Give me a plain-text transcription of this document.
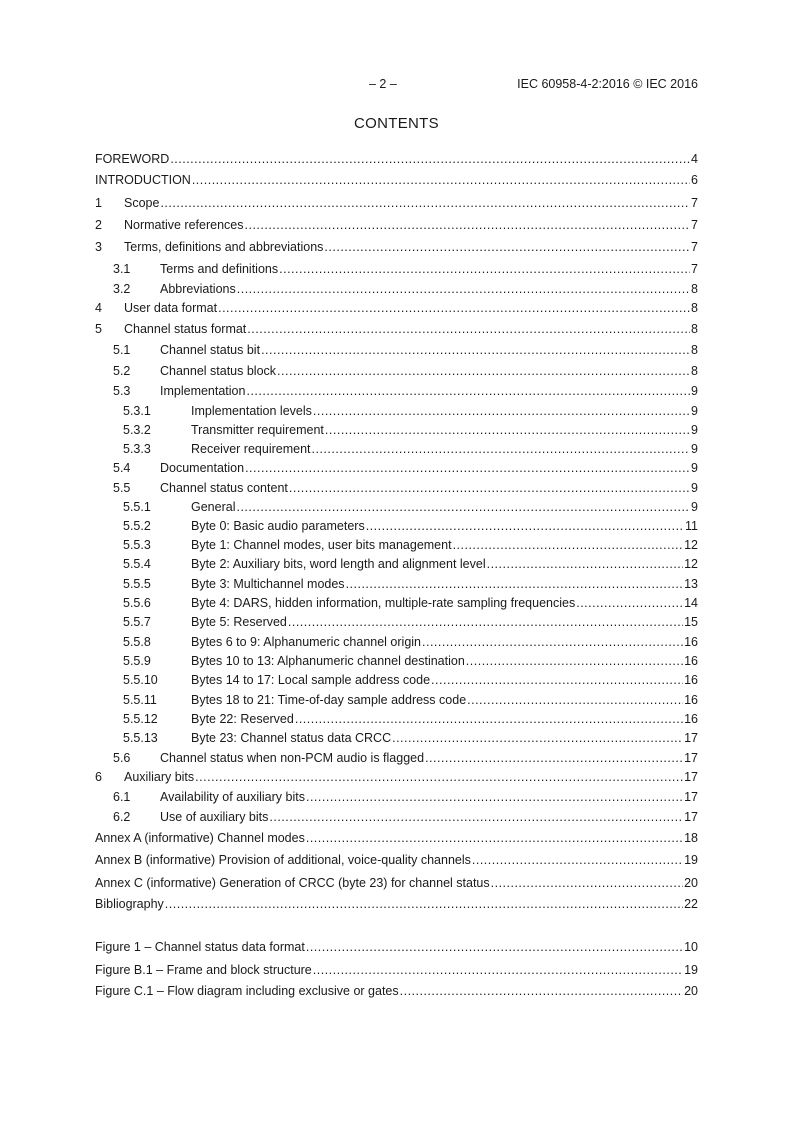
– 2 –	IEC 60958-4-2:2016 © IEC 2016
CONTENTS
FOREWORD .....	4
INTRODUCTION .....	6
1 Scope .....	7
2 Normative references .....	7
3 Terms, definitions and abbreviations .....	7
3.1 Terms and definitions .....	7
3.2 Abbreviations .....	8
4 User data format .....	8
5 Channel status format .....	8
5.1 Channel status bit .....	8
5.2 Channel status block .....	8
5.3 Implementation .....	9
5.3.1	Implementation levels .....	9
5.3.2	Transmitter requirement .....	9
5.3.3	Receiver requirement .....	9
5.4 Documentation .....	9
5.5 Channel status content .....	9
5.5.1	General .....	9
5.5.2	Byte 0: Basic audio parameters .....	11
5.5.3	Byte 1: Channel modes, user bits management .....	12
5.5.4	Byte 2: Auxiliary bits, word length and alignment level .....	12
5.5.5	Byte 3: Multichannel modes .....	13
5.5.6	Byte 4: DARS, hidden information, multiple-rate sampling frequencies .....	14
5.5.7	Byte 5: Reserved .....	15
5.5.8	Bytes 6 to 9: Alphanumeric channel origin .....	16
5.5.9	Bytes 10 to 13: Alphanumeric channel destination .....	16
5.5.10	Bytes 14 to 17: Local sample address code .....	16
5.5.11	Bytes 18 to 21: Time-of-day sample address code .....	16
5.5.12	Byte 22: Reserved .....	16
5.5.13	Byte 23: Channel status data CRCC .....	17
5.6 Channel status when non-PCM audio is flagged .....	17
6 Auxiliary bits .....	17
6.1 Availability of auxiliary bits .....	17
6.2 Use of auxiliary bits .....	17
Annex A (informative) Channel modes .....	18
Annex B (informative) Provision of additional, voice-quality channels .....	19
Annex C (informative) Generation of CRCC (byte 23) for channel status .....	20
Bibliography .....	22
Figure 1 – Channel status data format .....	10
Figure B.1 – Frame and block structure .....	19
Figure C.1 – Flow diagram including exclusive or gates .....	20
